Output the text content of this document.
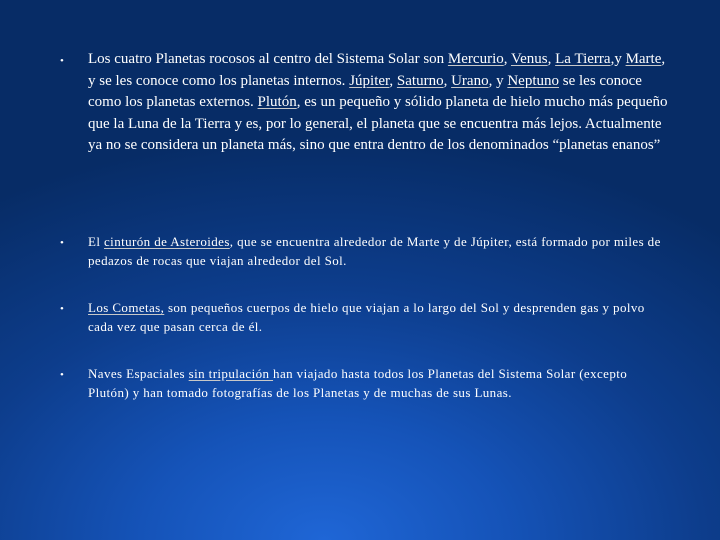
• Los cuatro Planetas rocosos al centro del Sistema Solar son Mercurio, Venus, La Tierra,y Marte, y se les conoce como los planetas internos. Júpiter, Saturno, Urano, y Neptuno se les conoce como los planetas externos. Plutón, es un pequeño y sólido planeta de hielo mucho más pequeño que la Luna de la Tierra y es, por lo general, el planeta que se encuentra más lejos. Actualmente ya no se considera un planeta más, sino que entra dentro de los denominados “planetas enanos”
• El cinturón de Asteroides, que se encuentra alrededor de Marte y de Júpiter, está formado por miles de pedazos de rocas que viajan alrededor del Sol.
• Los Cometas, son pequeños cuerpos de hielo que viajan a lo largo del Sol y desprenden gas y polvo cada vez que pasan cerca de él.
• Naves Espaciales sin tripulación han viajado hasta todos los Planetas del Sistema Solar (excepto Plutón) y han tomado fotografías de los Planetas y de muchas de sus Lunas.
